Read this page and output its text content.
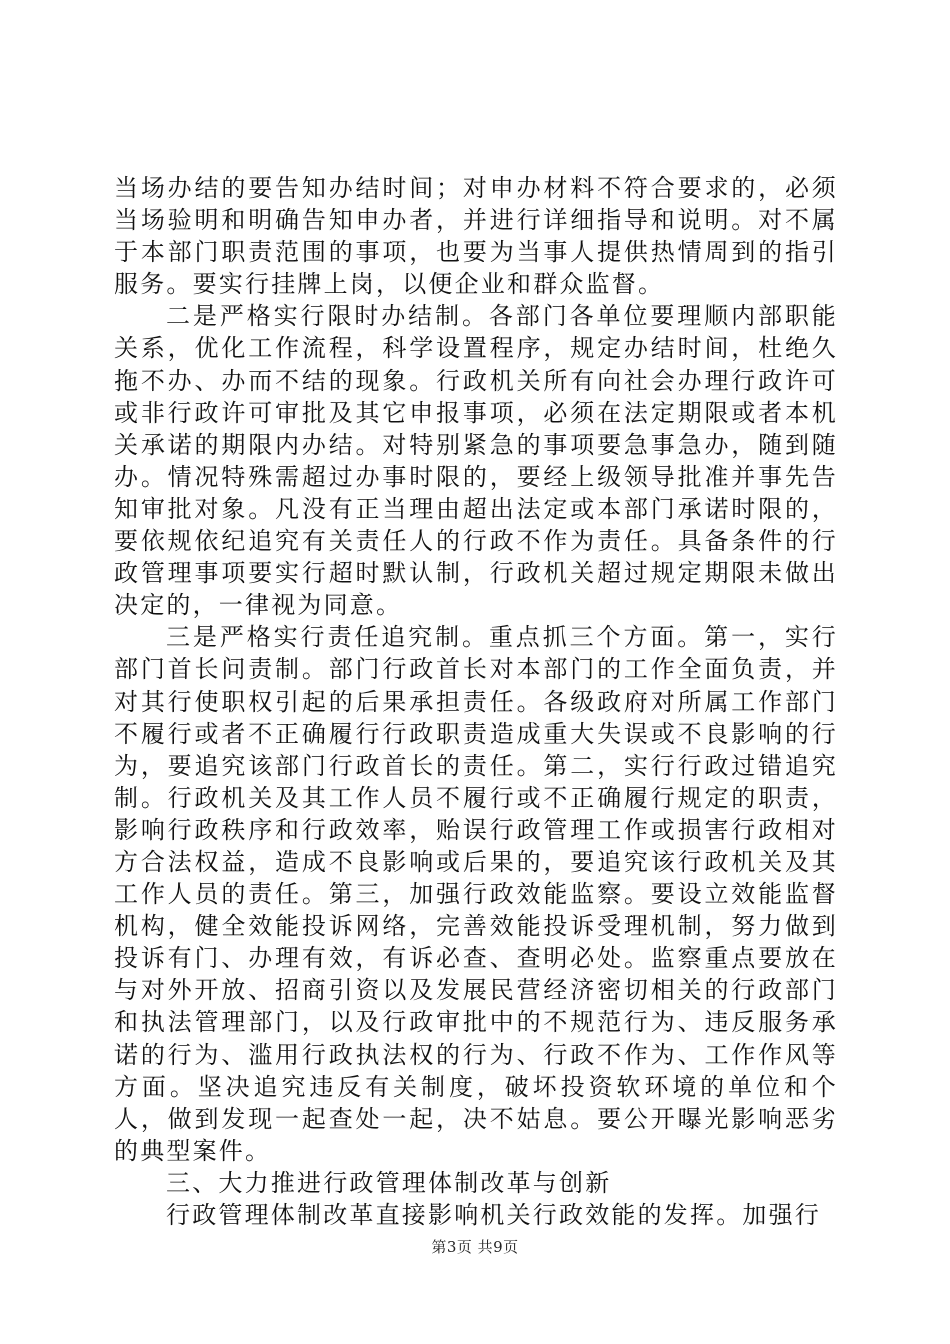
当场办结的要告知办结时间；对申办材料不符合要求的，必须当场验明和明确告知申办者，并进行详细指导和说明。对不属于本部门职责范围的事项，也要为当事人提供热情周到的指引服务。要实行挂牌上岗，以便企业和群众监督。

二是严格实行限时办结制。各部门各单位要理顺内部职能关系，优化工作流程，科学设置程序，规定办结时间，杜绝久拖不办、办而不结的现象。行政机关所有向社会办理行政许可或非行政许可审批及其它申报事项，必须在法定期限或者本机关承诺的期限内办结。对特别紧急的事项要急事急办，随到随办。情况特殊需超过办事时限的，要经上级领导批准并事先告知审批对象。凡没有正当理由超出法定或本部门承诺时限的，要依规依纪追究有关责任人的行政不作为责任。具备条件的行政管理事项要实行超时默认制，行政机关超过规定期限未做出决定的，一律视为同意。

三是严格实行责任追究制。重点抓三个方面。第一，实行部门首长问责制。部门行政首长对本部门的工作全面负责，并对其行使职权引起的后果承担责任。各级政府对所属工作部门不履行或者不正确履行行政职责造成重大失误或不良影响的行为，要追究该部门行政首长的责任。第二，实行行政过错追究制。行政机关及其工作人员不履行或不正确履行规定的职责，影响行政秩序和行政效率，贻误行政管理工作或损害行政相对方合法权益，造成不良影响或后果的，要追究该行政机关及其工作人员的责任。第三，加强行政效能监察。要设立效能监督机构，健全效能投诉网络，完善效能投诉受理机制，努力做到投诉有门、办理有效，有诉必查、查明必处。监察重点要放在与对外开放、招商引资以及发展民营经济密切相关的行政部门和执法管理部门，以及行政审批中的不规范行为、违反服务承诺的行为、滥用行政执法权的行为、行政不作为、工作作风等方面。坚决追究违反有关制度，破坏投资软环境的单位和个人，做到发现一起查处一起，决不姑息。要公开曝光影响恶劣的典型案件。

三、大力推进行政管理体制改革与创新

行政管理体制改革直接影响机关行政效能的发挥。加强行

第3页 共9页
